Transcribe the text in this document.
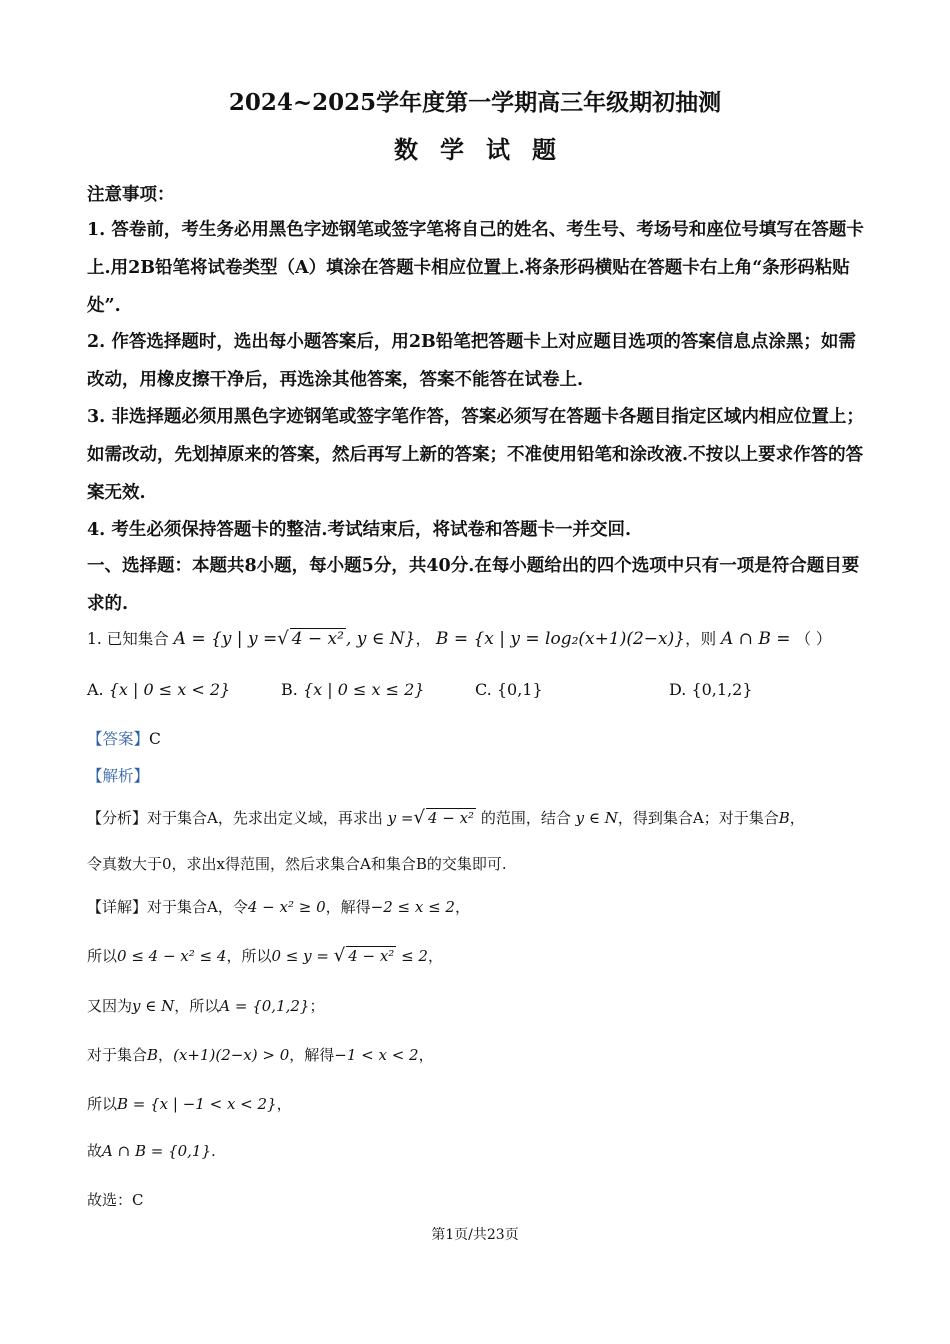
2024~2025学年度第一学期高三年级期初抽测
数学试题

注意事项：

1. 答卷前，考生务必用黑色字迹钢笔或签字笔将自己的姓名、考生号、考场号和座位号填写在答题卡上.用2B铅笔将试卷类型（A）填涂在答题卡相应位置上.将条形码横贴在答题卡右上角“条形码粘贴处”.

2. 作答选择题时，选出每小题答案后，用2B铅笔把答题卡上对应题目选项的答案信息点涂黑；如需改动，用橡皮擦干净后，再选涂其他答案，答案不能答在试卷上.

3. 非选择题必须用黑色字迹钢笔或签字笔作答，答案必须写在答题卡各题目指定区域内相应位置上；如需改动，先划掉原来的答案，然后再写上新的答案；不准使用铅笔和涂改液.不按以上要求作答的答案无效.

4. 考生必须保持答题卡的整洁.考试结束后，将试卷和答题卡一并交回.

一、选择题：本题共8小题，每小题5分，共40分.在每小题给出的四个选项中只有一项是符合题目要求的.

1. 已知集合 A = {y | y =√ 4 − x² , y ∈ N}， B = {x | y = log₂(x+1)(2−x)}，则 A ∩ B = （ ）
A. {x | 0 ≤ x < 2}	B. {x | 0 ≤ x ≤ 2}	C. {0,1}	D. {0,1,2}
【答案】C
【解析】
【分析】对于集合A，先求出定义域，再求出 y =√ 4 − x² 的范围，结合 y ∈ N，得到集合A；对于集合B，
令真数大于0，求出x得范围，然后求集合A和集合B的交集即可.
【详解】对于集合A，令4 − x² ≥ 0，解得−2 ≤ x ≤ 2，
所以0 ≤ 4 − x² ≤ 4，所以0 ≤ y = √ 4 − x² ≤ 2，
又因为y ∈ N，所以A = {0,1,2}；
对于集合B，(x+1)(2−x) > 0，解得−1 < x < 2，
所以B = {x | −1 < x < 2}，
故A ∩ B = {0,1}.
故选：C
第1页/共23页
